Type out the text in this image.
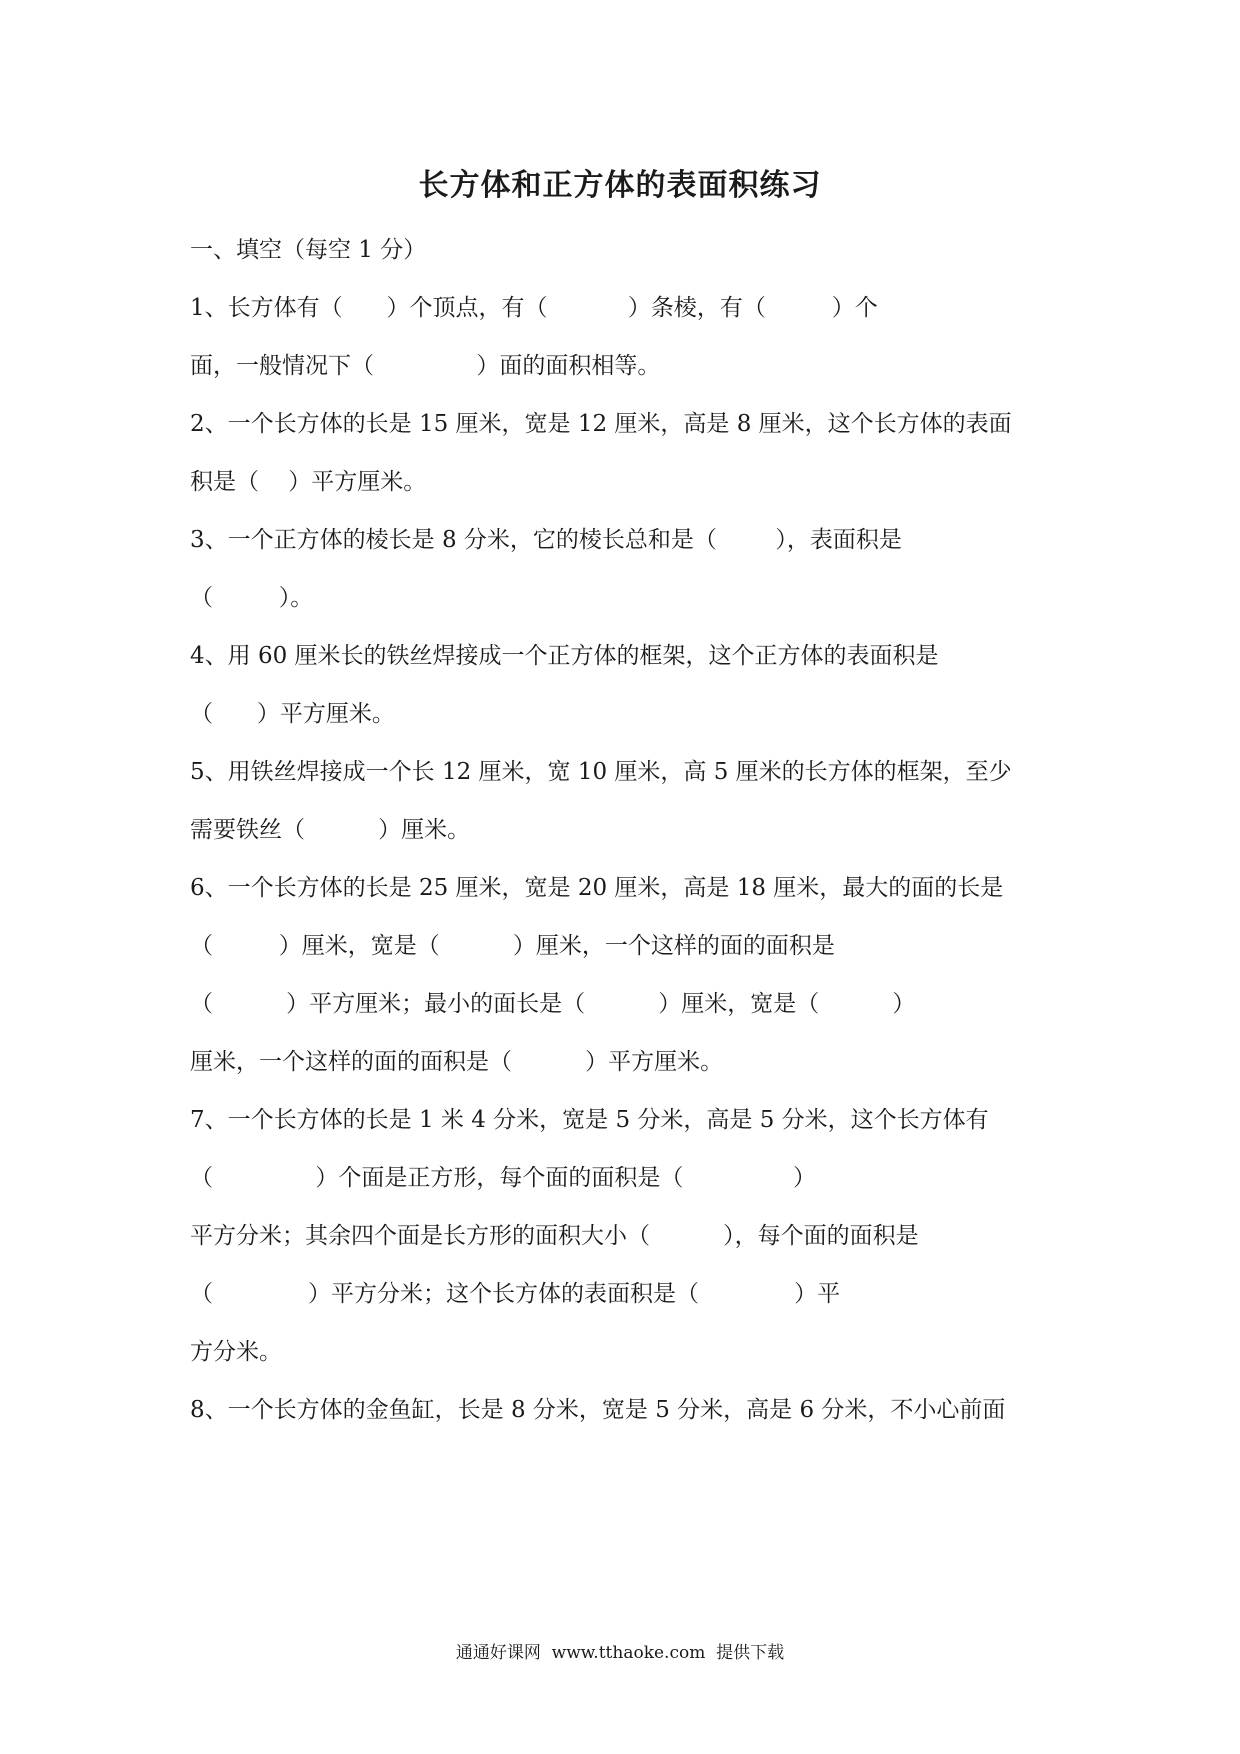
长方体和正方体的表面积练习
一、填空（每空 1 分）
1、长方体有（      ）个顶点，有（           ）条棱，有（         ）个
面，一般情况下（              ）面的面积相等。
2、一个长方体的长是 15 厘米，宽是 12 厘米，高是 8 厘米，这个长方体的表面
积是（    ）平方厘米。
3、一个正方体的棱长是 8 分米，它的棱长总和是（        ），表面积是
（         ）。
4、用 60 厘米长的铁丝焊接成一个正方体的框架，这个正方体的表面积是
（      ）平方厘米。
5、用铁丝焊接成一个长 12 厘米，宽 10 厘米，高 5 厘米的长方体的框架，至少
需要铁丝（          ）厘米。
6、一个长方体的长是 25 厘米，宽是 20 厘米，高是 18 厘米，最大的面的长是
（         ）厘米，宽是（          ）厘米，一个这样的面的面积是
（          ）平方厘米；最小的面长是（          ）厘米，宽是（          ）
厘米，一个这样的面的面积是（          ）平方厘米。
7、一个长方体的长是 1 米 4 分米，宽是 5 分米，高是 5 分米，这个长方体有
（              ）个面是正方形，每个面的面积是（               ）
平方分米；其余四个面是长方形的面积大小（          ），每个面的面积是
（             ）平方分米；这个长方体的表面积是（             ）平
方分米。
8、一个长方体的金鱼缸，长是 8 分米，宽是 5 分米，高是 6 分米，不小心前面
通通好课网  www.tthaoke.com  提供下载
